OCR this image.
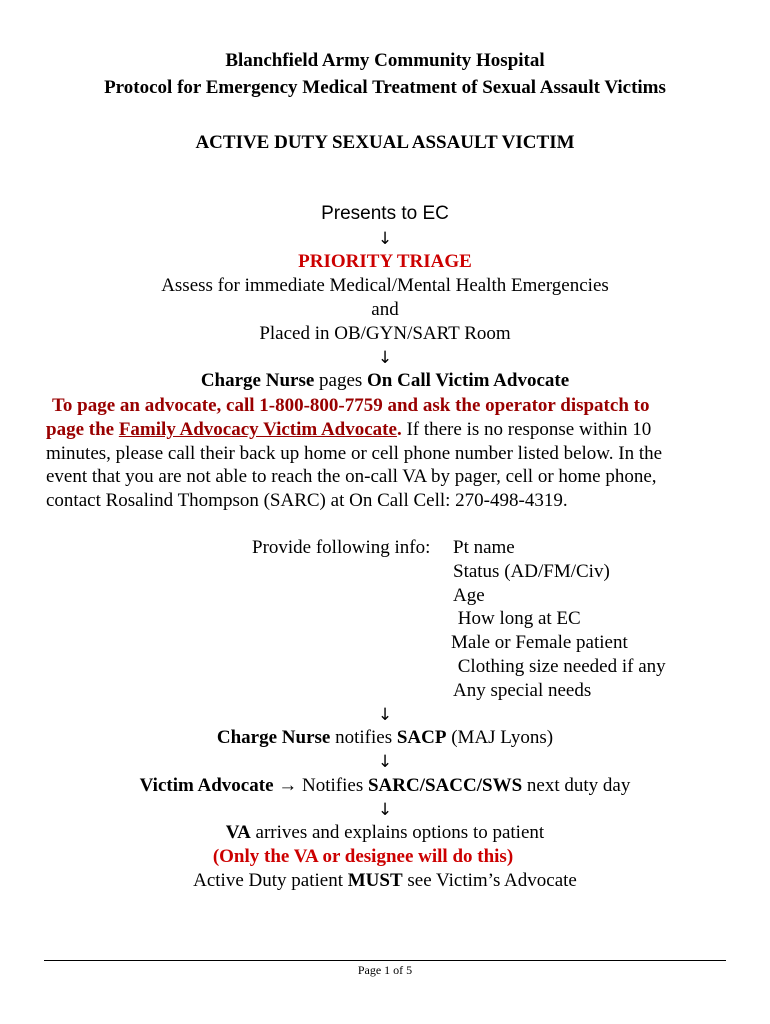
Blanchfield Army Community Hospital
Protocol for Emergency Medical Treatment of Sexual Assault Victims
ACTIVE DUTY SEXUAL ASSAULT VICTIM
Presents to EC
↓
PRIORITY TRIAGE
Assess for immediate Medical/Mental Health Emergencies
and
Placed in OB/GYN/SART Room
↓
Charge Nurse pages On Call Victim Advocate
To page an advocate, call 1-800-800-7759 and ask the operator dispatch to
page the Family Advocacy Victim Advocate. If there is no response within 10
minutes, please call their back up home or cell phone number listed below. In the
event that you are not able to reach the on-call VA by pager, cell or home phone,
contact Rosalind Thompson (SARC) at On Call Cell: 270-498-4319.
Provide following info: Pt name
Status (AD/FM/Civ)
Age
How long at EC
Male or Female patient
Clothing size needed if any
Any special needs
↓
Charge Nurse notifies SACP (MAJ Lyons)
↓
Victim Advocate → Notifies SARC/SACC/SWS next duty day
↓
VA arrives and explains options to patient
(Only the VA or designee will do this)
Active Duty patient MUST see Victim’s Advocate
Page 1 of 5
